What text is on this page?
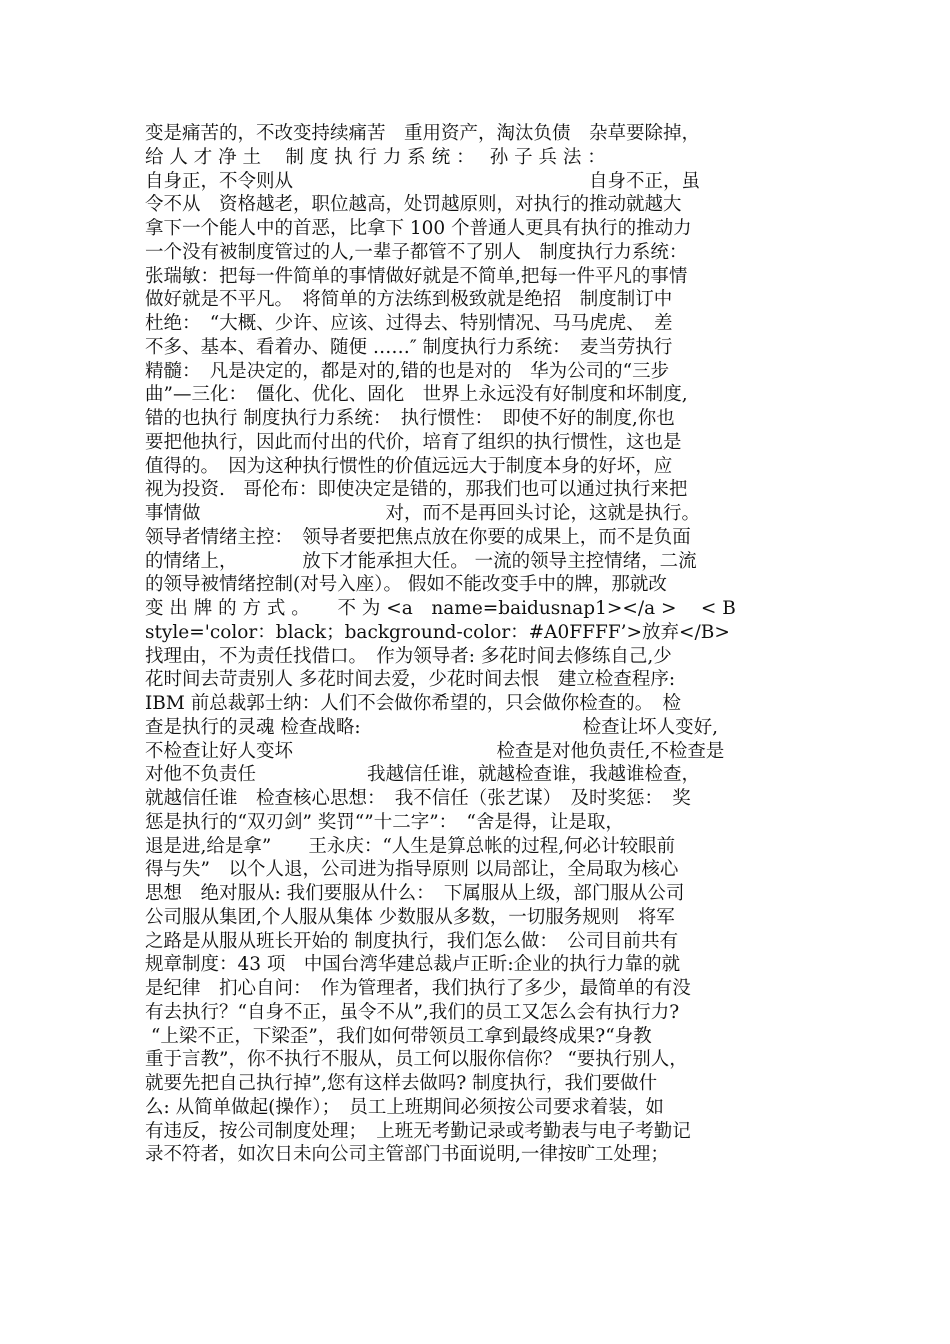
变是痛苦的，不改变持续痛苦　重用资产，淘汰负债　杂草要除掉，
给 人 才 净 土　 制 度 执 行 力 系 统 ：　 孙 子 兵 法 ：
自身正，不令则从　　　　　　　　　　　　　　　　自身不正，虽
令不从　资格越老，职位越高，处罚越原则，对执行的推动就越大
拿下一个能人中的首恶，比拿下 100 个普通人更具有执行的推动力
一个没有被制度管过的人,一辈子都管不了别人　制度执行力系统：
张瑞敏：把每一件简单的事情做好就是不简单,把每一件平凡的事情
做好就是不平凡。　将简单的方法练到极致就是绝招　制度制订中
杜绝：　“大概、少许、应该、过得去、特别情况、马马虎虎、　差
不多、基本、看着办、随便 ……″ 制度执行力系统：　麦当劳执行
精髓：　凡是决定的，都是对的,错的也是对的　华为公司的“三步
曲”—三化：　僵化、优化、固化　世界上永远没有好制度和坏制度,
错的也执行 制度执行力系统：　执行惯性：　即使不好的制度,你也
要把他执行，因此而付出的代价，培育了组织的执行惯性，这也是
值得的。　因为这种执行惯性的价值远远大于制度本身的好坏，应
视为投资.　哥伦布：即使决定是错的，那我们也可以通过执行来把
事情做　　　　　　　　　　对，而不是再回头讨论，这就是执行。
领导者情绪主控：　领导者要把焦点放在你要的成果上，而不是负面
的情绪上，　　　　放下才能承担大任。 一流的领导主控情绪，二流
的领导被情绪控制(对号入座）。 假如不能改变手中的牌，那就改
变 出 牌 的 方 式 。　　不 为 <a　name=baidusnap1></a >　 < B
style='color：black；background-color：#A0FFFF’>放弃</B>
找理由，不为责任找借口。　作为领导者: 多花时间去修练自己,少
花时间去苛责别人 多花时间去爱，少花时间去恨　建立检查程序:
IBM 前总裁郭士纳：人们不会做你希望的，只会做你检查的。　检
查是执行的灵魂 检查战略:　　　　　　　　　　　　检查让坏人变好,
不检查让好人变坏　　　　　　　　　　　检查是对他负责任,不检查是
对他不负责任　　　　　　我越信任谁，就越检查谁，我越谁检查，
就越信任谁　检查核心思想：　我不信任（张艺谋）　及时奖惩：　奖
惩是执行的“双刃剑” 奖罚“”十二字”：　“舍是得，让是取，
退是进,给是拿”　　王永庆：“人生是算总帐的过程,何必计较眼前
得与失”　以个人退，公司进为指导原则 以局部让，全局取为核心
思想　绝对服从: 我们要服从什么：　下属服从上级，部门服从公司
公司服从集团,个人服从集体 少数服从多数，一切服务规则　将军
之路是从服从班长开始的 制度执行，我们怎么做：　公司目前共有
规章制度：43 项　中国台湾华建总裁卢正昕:企业的执行力靠的就
是纪律　扪心自问：　作为管理者，我们执行了多少，最简单的有没
有去执行？“自身不正，虽令不从”,我们的员工又怎么会有执行力?
“上梁不正，下梁歪”，我们如何带领员工拿到最终成果?“身教
重于言教”，你不执行不服从，员工何以服你信你？ “要执行别人，
就要先把自己执行掉”,您有这样去做吗? 制度执行，我们要做什
么: 从简单做起(操作）；　员工上班期间必须按公司要求着装，如
有违反，按公司制度处理；　上班无考勤记录或考勤表与电子考勤记
录不符者，如次日未向公司主管部门书面说明,一律按旷工处理；
